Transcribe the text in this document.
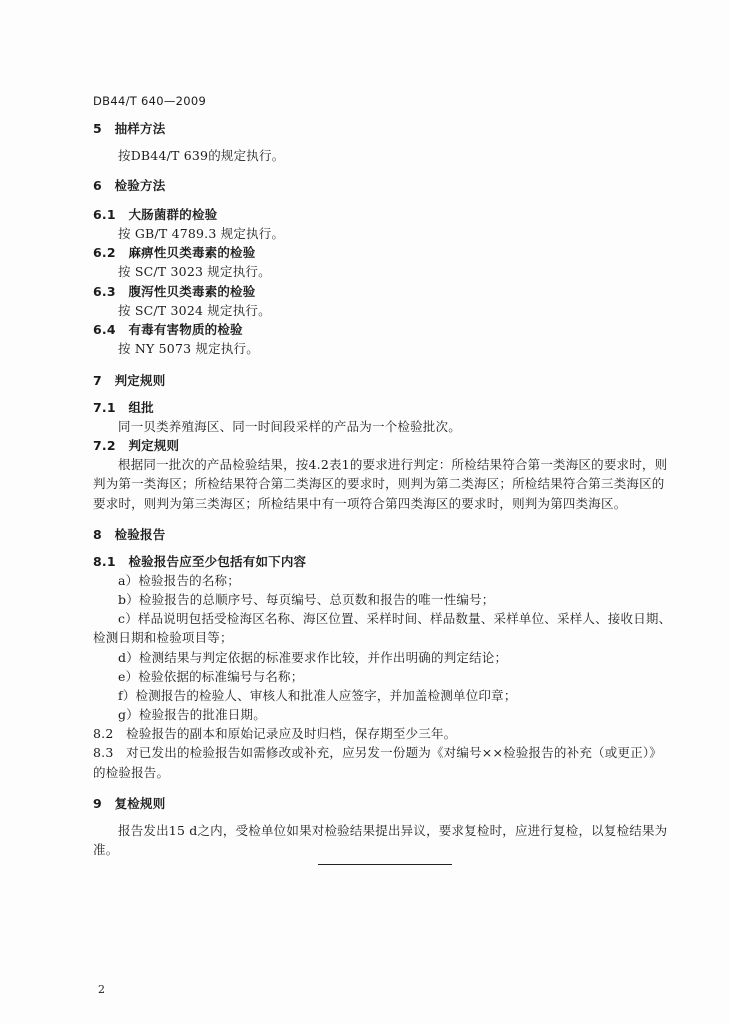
DB44/T 640—2009

5　抽样方法

按DB44/T 639的规定执行。

6　检验方法

6.1　大肠菌群的检验

按 GB/T 4789.3 规定执行。

6.2　麻痹性贝类毒素的检验

按 SC/T 3023 规定执行。

6.3　腹泻性贝类毒素的检验

按 SC/T 3024 规定执行。

6.4　有毒有害物质的检验

按 NY 5073 规定执行。

7　判定规则

7.1　组批

同一贝类养殖海区、同一时间段采样的产品为一个检验批次。

7.2　判定规则

根据同一批次的产品检验结果，按4.2表1的要求进行判定：所检结果符合第一类海区的要求时，则

判为第一类海区；所检结果符合第二类海区的要求时，则判为第二类海区；所检结果符合第三类海区的

要求时，则判为第三类海区；所检结果中有一项符合第四类海区的要求时，则判为第四类海区。

8　检验报告

8.1　检验报告应至少包括有如下内容

a）检验报告的名称；

b）检验报告的总顺序号、每页编号、总页数和报告的唯一性编号；

c）样品说明包括受检海区名称、海区位置、采样时间、样品数量、采样单位、采样人、接收日期、

检测日期和检验项目等；

d）检测结果与判定依据的标准要求作比较，并作出明确的判定结论；

e）检验依据的标准编号与名称；

f）检测报告的检验人、审核人和批准人应签字，并加盖检测单位印章；

g）检验报告的批准日期。

8.2　检验报告的副本和原始记录应及时归档，保存期至少三年。

8.3　对已发出的检验报告如需修改或补充，应另发一份题为《对编号××检验报告的补充（或更正）》

的检验报告。

9　复检规则

报告发出15 d之内，受检单位如果对检验结果提出异议，要求复检时，应进行复检，以复检结果为

准。

2
